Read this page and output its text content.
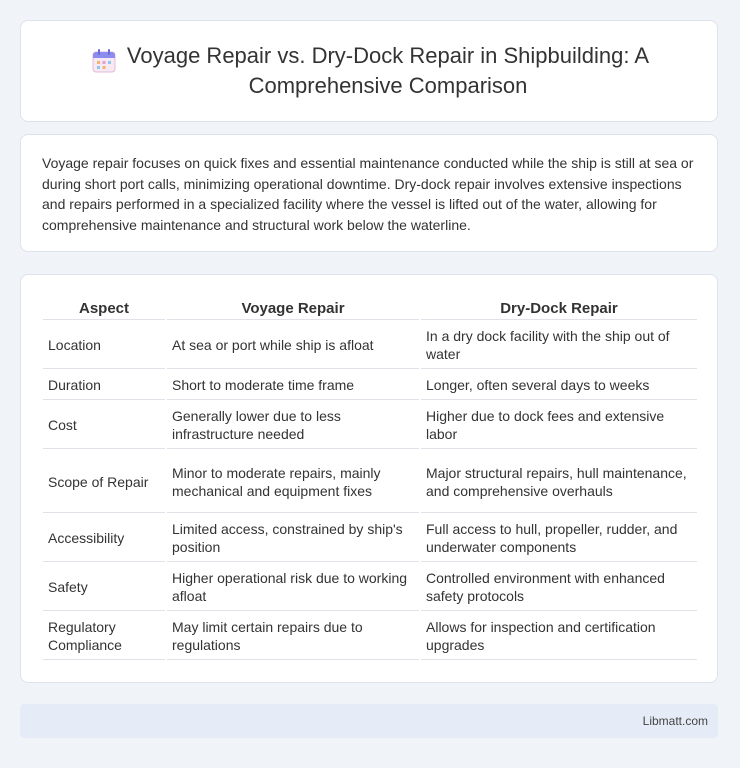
Voyage Repair vs. Dry-Dock Repair in Shipbuilding: A
Comprehensive Comparison

Voyage repair focuses on quick fixes and essential maintenance conducted while the ship is still at sea or during short port calls, minimizing operational downtime. Dry-dock repair involves extensive inspections and repairs performed in a specialized facility where the vessel is lifted out of the water, allowing for comprehensive maintenance and structural work below the waterline.

Aspect	Voyage Repair	Dry-Dock Repair
Location	At sea or port while ship is afloat	In a dry dock facility with the ship out of water
Duration	Short to moderate time frame	Longer, often several days to weeks
Cost	Generally lower due to less infrastructure needed	Higher due to dock fees and extensive labor
Scope of Repair	Minor to moderate repairs, mainly mechanical and equipment fixes	Major structural repairs, hull maintenance, and comprehensive overhauls
Accessibility	Limited access, constrained by ship's position	Full access to hull, propeller, rudder, and underwater components
Safety	Higher operational risk due to working afloat	Controlled environment with enhanced safety protocols
Regulatory Compliance	May limit certain repairs due to regulations	Allows for inspection and certification upgrades
Libmatt.com
